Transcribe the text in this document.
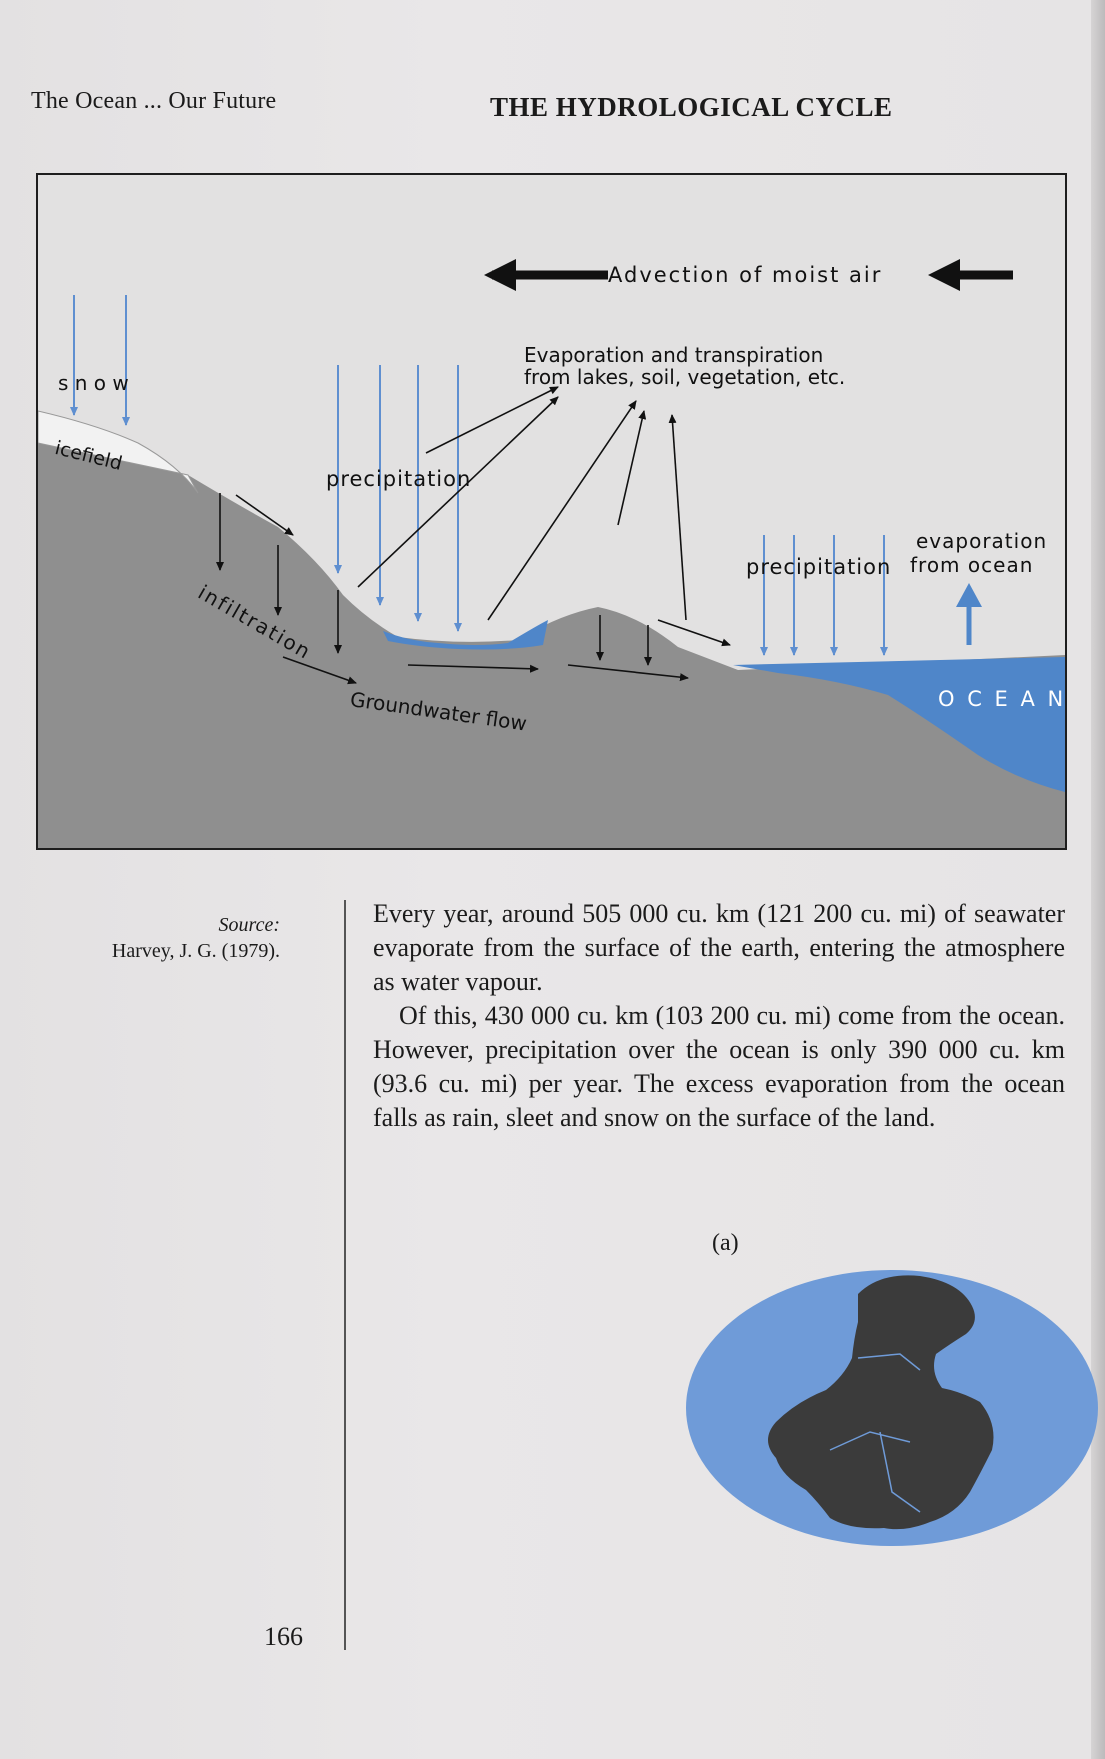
The Ocean ... Our Future	THE HYDROLOGICAL CYCLE
Advection of moist air
Evaporation and transpiration
from lakes, soil, vegetation, etc.
s n o w
icefield
precipitation
precipitation
evaporation
from ocean
infiltration
Groundwater flow	O C E A N
Source:
Harvey, J. G. (1979).

Every year, around 505 000 cu. km (121 200 cu. mi) of seawater evaporate from the surface of the earth, entering the atmosphere as water vapour.

Of this, 430 000 cu. km (103 200 cu. mi) come from the ocean. However, precipitation over the ocean is only 390 000 cu. km (93.6 cu. mi) per year. The excess evaporation from the ocean falls as rain, sleet and snow on the surface of the land.

(a)
166
